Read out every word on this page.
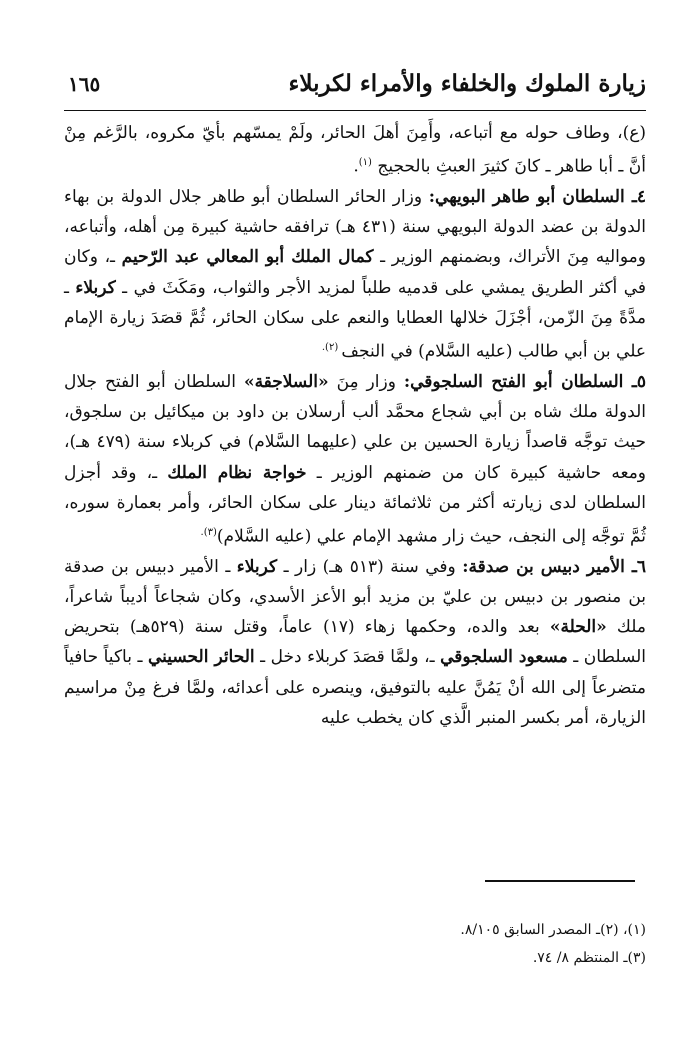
زيارة الملوك والخلفاء والأمراء لكربلاء
١٦٥

(ع)، وطاف حوله مع أتباعه، وأَمِنَ أهلَ الحائر، ولَمْ يمسّهم بأيّ مكروه، بالرَّغم مِنْ أنَّ ـ أبا طاهر ـ كانَ كثيرَ العبثِ بالحجيج $^{(١)}$.

٤ـ السلطان أبو طاهر البويهي: وزار الحائر السلطان أبو طاهر جلال الدولة بن بهاء الدولة بن عضد الدولة البويهي سنة (٤٣١ هـ) ترافقه حاشية كبيرة مِن أهله، وأتباعه، ومواليه مِنَ الأتراك، وبضمنهم الوزير ـ كمال الملك أبو المعالي عبد الرّحيم ـ، وكان في أكثر الطريق يمشي على قدميه طلباً لمزيد الأجر والثواب، ومَكَثَ في ـ كربلاء ـ مدَّةً مِنَ الزّمن، أجْزَلَ خلالها العطايا والنعم على سكان الحائر، ثُمَّ قصَدَ زيارة الإمام علي بن أبي طالب (عليه السَّلام) في النجف $^{(٢).}$

٥ـ السلطان أبو الفتح السلجوقي: وزار مِنَ «السلاجقة» السلطان أبو الفتح جلال الدولة ملك شاه بن أبي شجاع محمَّد ألب أرسلان بن داود بن ميكائيل بن سلجوق، حيث توجَّه قاصداً زيارة الحسين بن علي (عليهما السَّلام) في كربلاء سنة (٤٧٩ هـ)، ومعه حاشية كبيرة كان من ضمنهم الوزير ـ خواجة نظام الملك ـ، وقد أجزل السلطان لدى زيارته أكثر من ثلاثمائة دينار على سكان الحائر، وأمر بعمارة سوره، ثُمَّ توجَّه إلى النجف، حيث زار مشهد الإمام علي (عليه السَّلام)$^{(٣).}$

٦ـ الأمير دبيس بن صدقة: وفي سنة (٥١٣ هـ) زار ـ كربلاء ـ الأمير دبيس بن صدقة بن منصور بن دبيس بن عليّ بن مزيد أبو الأعز الأسدي، وكان شجاعاً أديباً شاعراً، ملك «الحلة» بعد والده، وحكمها زهاء (١٧) عاماً، وقتل سنة (٥٢٩هـ) بتحريض السلطان ـ مسعود السلجوقي ـ، ولمَّا قصَدَ كربلاء دخل ـ الحائر الحسيني ـ باكياً حافياً متضرعاً إلى الله أنْ يَمُنَّ عليه بالتوفيق، وينصره على أعدائه، ولمَّا فرغ مِنْ مراسيم الزيارة، أمر بكسر المنبر الَّذي كان يخطب عليه

(١)، (٢)ـ المصدر السابق ٨/١٠٥.
(٣)ـ المنتظم ٨/ ٧٤.
